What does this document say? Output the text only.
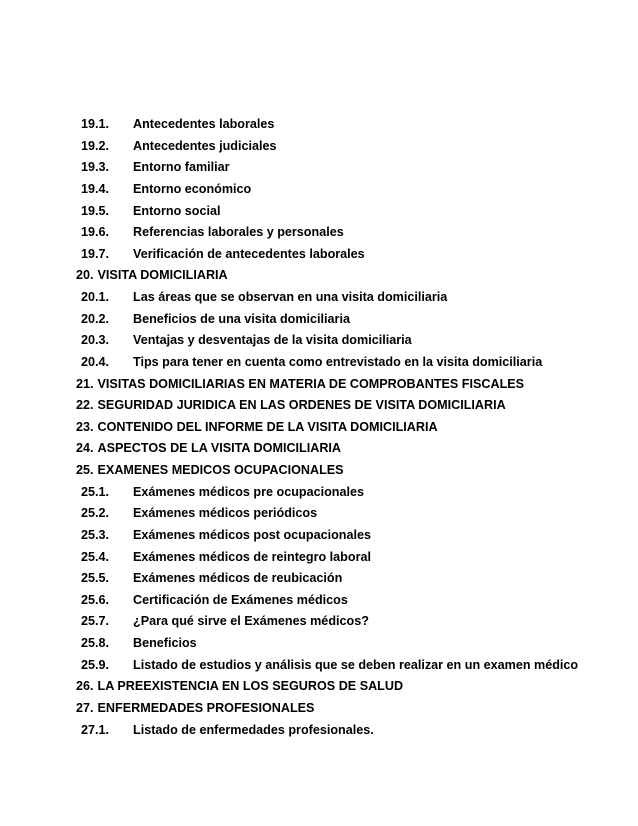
19.1. Antecedentes laborales
19.2. Antecedentes judiciales
19.3. Entorno familiar
19.4. Entorno económico
19.5. Entorno social
19.6. Referencias laborales y personales
19.7. Verificación de antecedentes laborales
20. VISITA DOMICILIARIA
20.1. Las áreas que se observan en una visita domiciliaria
20.2. Beneficios de una visita domiciliaria
20.3. Ventajas y desventajas de la visita domiciliaria
20.4. Tips para tener en cuenta como entrevistado en la visita domiciliaria
21. VISITAS DOMICILIARIAS EN MATERIA DE COMPROBANTES FISCALES
22. SEGURIDAD JURIDICA EN LAS ORDENES DE VISITA DOMICILIARIA
23. CONTENIDO DEL INFORME DE LA VISITA DOMICILIARIA
24. ASPECTOS DE LA VISITA DOMICILIARIA
25. EXAMENES MEDICOS OCUPACIONALES
25.1. Exámenes médicos pre ocupacionales
25.2. Exámenes médicos periódicos
25.3. Exámenes médicos post ocupacionales
25.4. Exámenes médicos de reintegro laboral
25.5. Exámenes médicos de reubicación
25.6. Certificación de Exámenes médicos
25.7. ¿Para qué sirve el Exámenes médicos?
25.8. Beneficios
25.9. Listado de estudios y análisis que se deben realizar en un examen médico
26. LA PREEXISTENCIA EN LOS SEGUROS DE SALUD
27. ENFERMEDADES PROFESIONALES
27.1. Listado de enfermedades profesionales.
